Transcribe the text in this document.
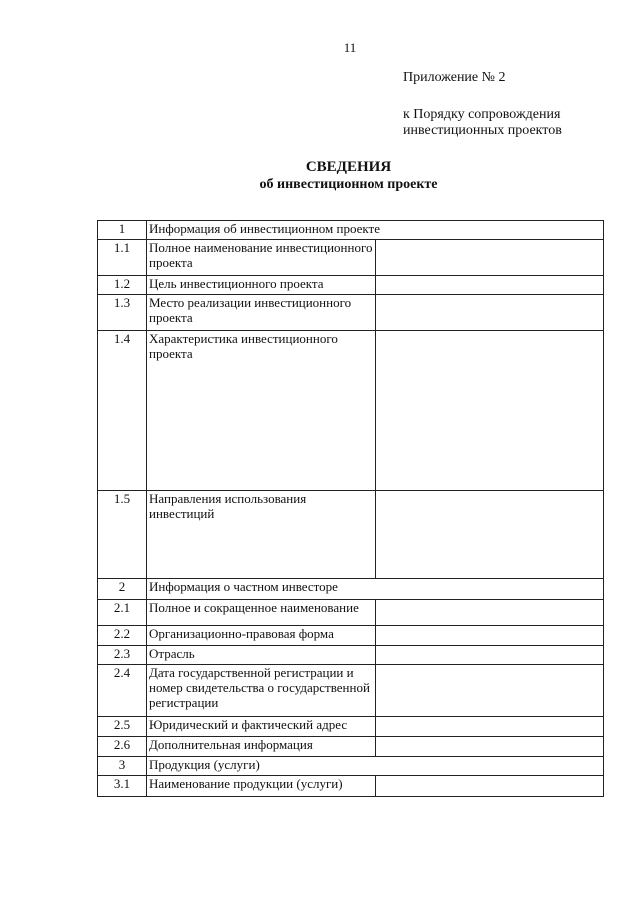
11
Приложение № 2
к Порядку сопровождения
инвестиционных проектов
СВЕДЕНИЯ
об инвестиционном проекте
1	Информация об инвестиционном проекте	
1.1	Полное наименование инвестиционного проекта	
1.2	Цель инвестиционного проекта	
1.3	Место реализации инвестиционного проекта	
1.4	Характеристика инвестиционного проекта	
1.5	Направления использования инвестиций	
2	Информация о частном инвесторе	
2.1	Полное и сокращенное наименование	
2.2	Организационно-правовая форма	
2.3	Отрасль	
2.4	Дата государственной регистрации и номер свидетельства о государственной регистрации	
2.5	Юридический и фактический адрес	
2.6	Дополнительная информация	
3	Продукция (услуги)	
3.1	Наименование продукции (услуги)	
